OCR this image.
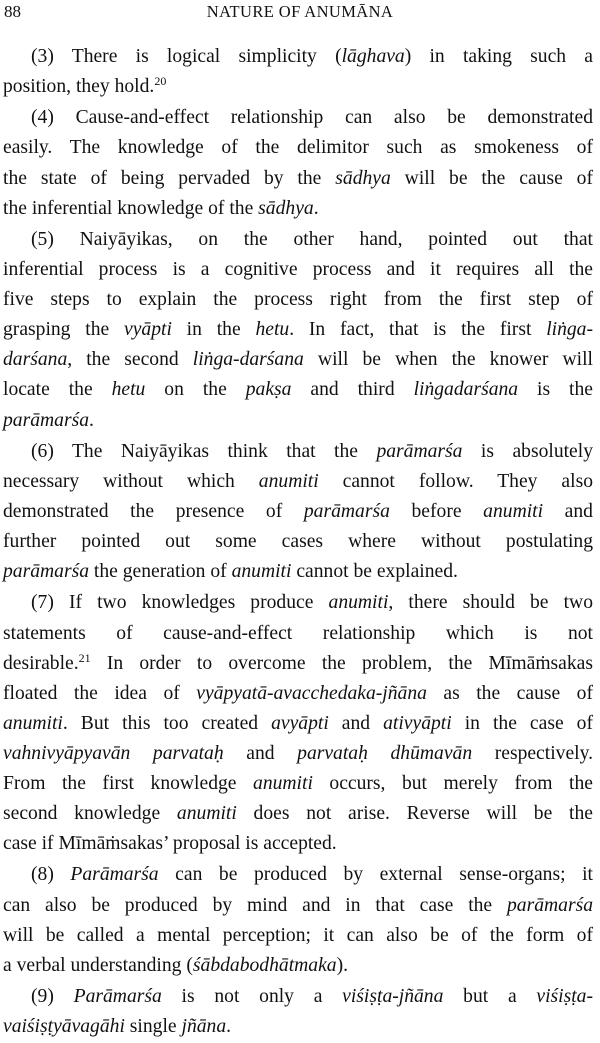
88	NATURE OF ANUMĀNA
(3) There is logical simplicity (lāghava) in taking such a
position, they hold.$^{20}$
(4) Cause-and-effect relationship can also be demonstrated
easily. The knowledge of the delimitor such as smokeness of
the state of being pervaded by the sādhya will be the cause of
the inferential knowledge of the sādhya.
(5) Naiyāyikas, on the other hand, pointed out that
inferential process is a cognitive process and it requires all the
five steps to explain the process right from the first step of
grasping the vyāpti in the hetu. In fact, that is the first liṅga-
darśana, the second liṅga-darśana will be when the knower will
locate the hetu on the pakṣa and third liṅgadarśana is the
parāmarśa.
(6) The Naiyāyikas think that the parāmarśa is absolutely
necessary without which anumiti cannot follow. They also
demonstrated the presence of parāmarśa before anumiti and
further pointed out some cases where without postulating
parāmarśa the generation of anumiti cannot be explained.
(7) If two knowledges produce anumiti, there should be two
statements of cause-and-effect relationship which is not
desirable.$^{21}$ In order to overcome the problem, the Mīmāṁsakas
floated the idea of vyāpyatā-avacchedaka-jñāna as the cause of
anumiti. But this too created avyāpti and ativyāpti in the case of
vahnivyāpyavān parvataḥ and parvataḥ dhūmavān respectively.
From the first knowledge anumiti occurs, but merely from the
second knowledge anumiti does not arise. Reverse will be the
case if Mīmāṁsakas’ proposal is accepted.
(8) Parāmarśa can be produced by external sense-organs; it
can also be produced by mind and in that case the parāmarśa
will be called a mental perception; it can also be of the form of
a verbal understanding (śābdabodhātmaka).
(9) Parāmarśa is not only a viśiṣṭa-jñāna but a viśiṣṭa-
vaiśiṣṭyāvagāhi single jñāna.
